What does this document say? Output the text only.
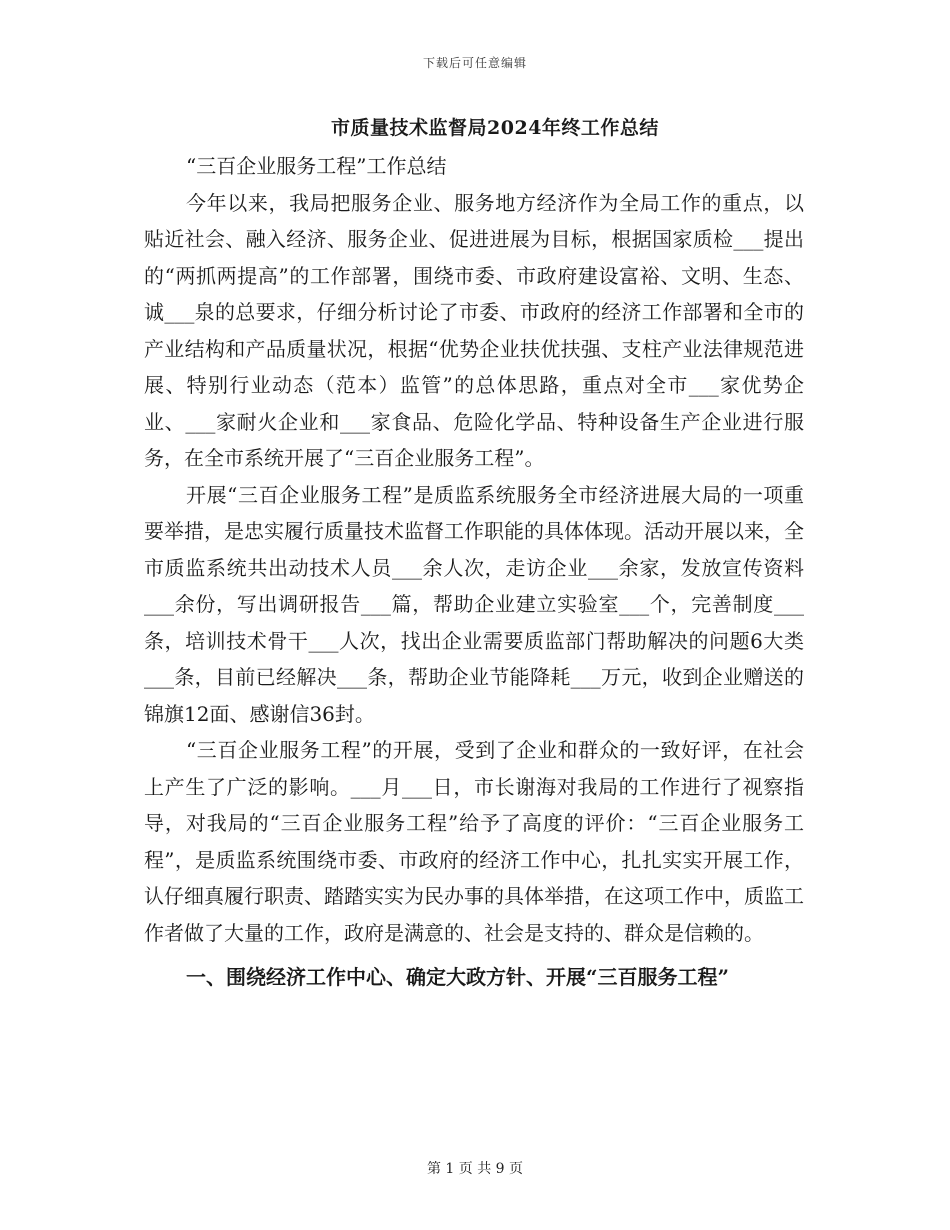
下载后可任意编辑
市质量技术监督局2024年终工作总结

“三百企业服务工程”工作总结

今年以来，我局把服务企业、服务地方经济作为全局工作的重点，以贴近社会、融入经济、服务企业、促进进展为目标，根据国家质检___提出的“两抓两提高”的工作部署，围绕市委、市政府建设富裕、文明、生态、诚___泉的总要求，仔细分析讨论了市委、市政府的经济工作部署和全市的产业结构和产品质量状况，根据“优势企业扶优扶强、支柱产业法律规范进展、特别行业动态（范本）监管”的总体思路，重点对全市___家优势企业、___家耐火企业和___家食品、危险化学品、特种设备生产企业进行服务，在全市系统开展了“三百企业服务工程”。

开展“三百企业服务工程”是质监系统服务全市经济进展大局的一项重要举措，是忠实履行质量技术监督工作职能的具体体现。活动开展以来，全市质监系统共出动技术人员___余人次，走访企业___余家，发放宣传资料___余份，写出调研报告___篇，帮助企业建立实验室___个，完善制度___条，培训技术骨干___人次，找出企业需要质监部门帮助解决的问题6大类___条，目前已经解决___条，帮助企业节能降耗___万元，收到企业赠送的锦旗12面、感谢信36封。

“三百企业服务工程”的开展，受到了企业和群众的一致好评，在社会上产生了广泛的影响。___月___日，市长谢海对我局的工作进行了视察指导，对我局的“三百企业服务工程”给予了高度的评价：“三百企业服务工程”，是质监系统围绕市委、市政府的经济工作中心，扎扎实实开展工作，认仔细真履行职责、踏踏实实为民办事的具体举措，在这项工作中，质监工作者做了大量的工作，政府是满意的、社会是支持的、群众是信赖的。

一、围绕经济工作中心、确定大政方针、开展“三百服务工程”

第 1 页 共 9 页
